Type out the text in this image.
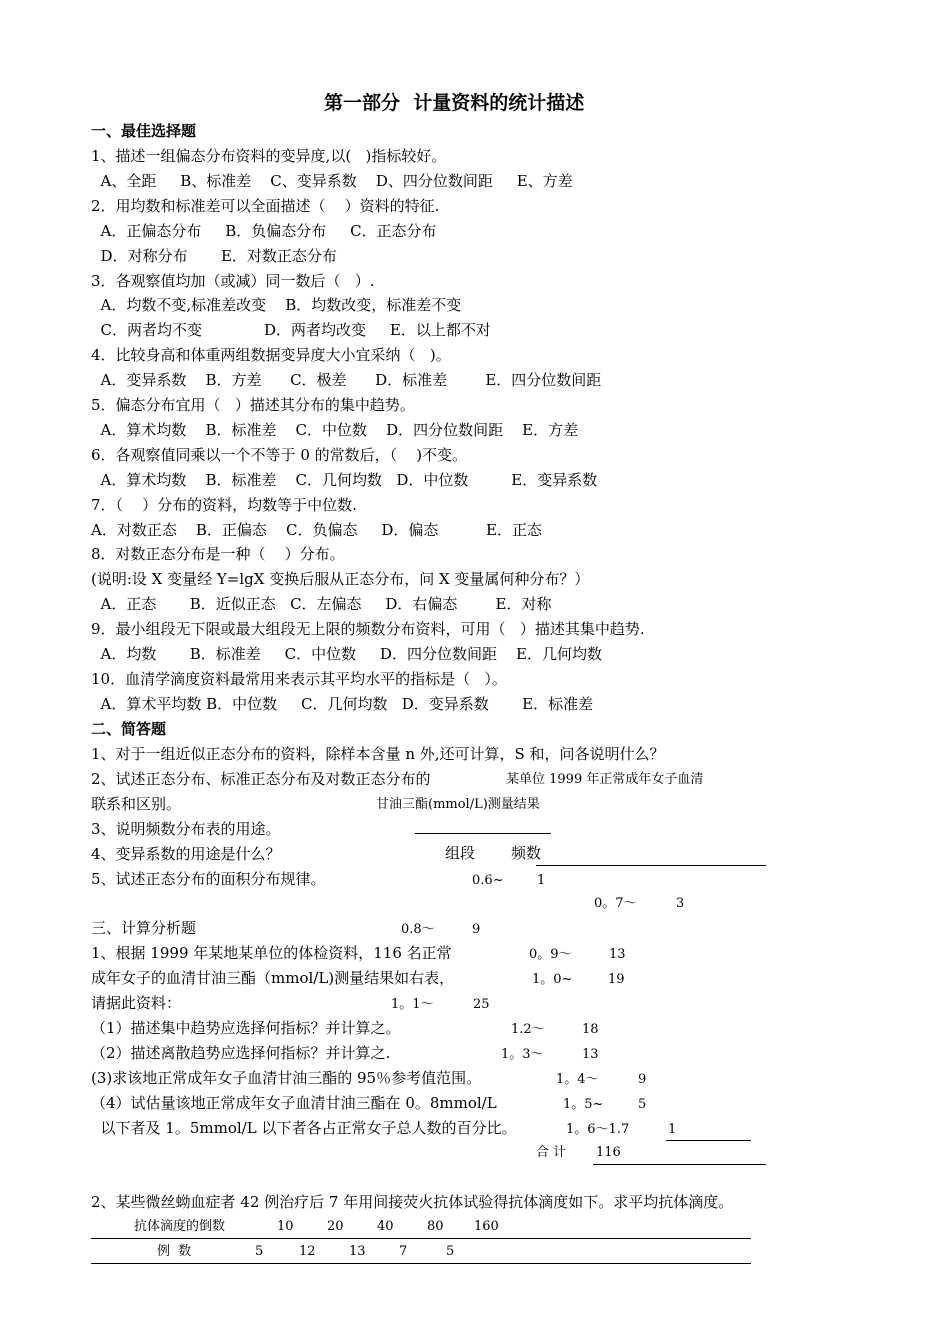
第一部分  计量资料的统计描述
一、最佳选择题
1、描述一组偏态分布资料的变异度,以(   )指标较好。
A、全距     B、标准差    C、变异系数    D、四分位数间距     E、方差
2．用均数和标准差可以全面描述（    ）资料的特征.
A．正偏态分布     B．负偏态分布     C．正态分布
D．对称分布       E．对数正态分布
3．各观察值均加（或减）同一数后（   ）.
A．均数不变,标准差改变    B．均数改变，标准差不变
C．两者均不变             D．两者均改变     E．以上都不对
4．比较身高和体重两组数据变异度大小宜采纳（   )。
A．变异系数    B．方差      C．极差      D．标准差        E．四分位数间距
5．偏态分布宜用（   ）描述其分布的集中趋势。
A．算术均数    B．标准差    C．中位数    D．四分位数间距    E．方差
6．各观察值同乘以一个不等于 0 的常数后，（    )不变。
A．算术均数    B．标准差    C．几何均数   D．中位数         E．变异系数
7．（    ）分布的资料，均数等于中位数.
A．对数正态    B．正偏态    C．负偏态     D．偏态          E．正态
8．对数正态分布是一种（    ）分布。
(说明:设 X 变量经 Y=lgX 变换后服从正态分布，问 X 变量属何种分布？）
A．正态       B．近似正态   C．左偏态     D．右偏态        E．对称
9．最小组段无下限或最大组段无上限的频数分布资料，可用（   ）描述其集中趋势.
A．均数       B．标准差     C．中位数     D．四分位数间距    E．几何均数
10．血清学滴度资料最常用来表示其平均水平的指标是（   ）。
A．算术平均数 B．中位数     C．几何均数   D．变异系数       E．标准差
二、简答题
1、对于一组近似正态分布的资料，除样本含量 n 外,还可计算，S 和，问各说明什么？
2、试述正态分布、标准正态分布及对数正态分布的
联系和区别。
3、说明频数分布表的用途。
4、变异系数的用途是什么？
5、试述正态分布的面积分布规律。
三、计算分析题
1、根据 1999 年某地某单位的体检资料，116 名正常
成年女子的血清甘油三酯（mmol/L)测量结果如右表，
请据此资料：
（1）描述集中趋势应选择何指标？并计算之。
（2）描述离散趋势应选择何指标？并计算之.
(3)求该地正常成年女子血清甘油三酯的 95％参考值范围。
（4）试估量该地正常成年女子血清甘油三酯在 0。8mmol/L
以下者及 1。5mmol/L 以下者各占正常女子总人数的百分比。
某单位 1999 年正常成年女子血清
甘油三酯(mmol/L)测量结果
组段 频数
0.6~	1
0。7～	3
0.8～	9
0。9～	13
1。0~	19
1。1～	25
1.2～	18
1。3～	13
1。4～	9
1。5~	5
1。6～1.7	1
合 计 116
2、某些微丝蚴血症者 42 例治疗后 7 年用间接荧火抗体试验得抗体滴度如下。求平均抗体滴度。
抗体滴度的倒数	10	20	40	80 160
例  数	5	12	13	7	5
